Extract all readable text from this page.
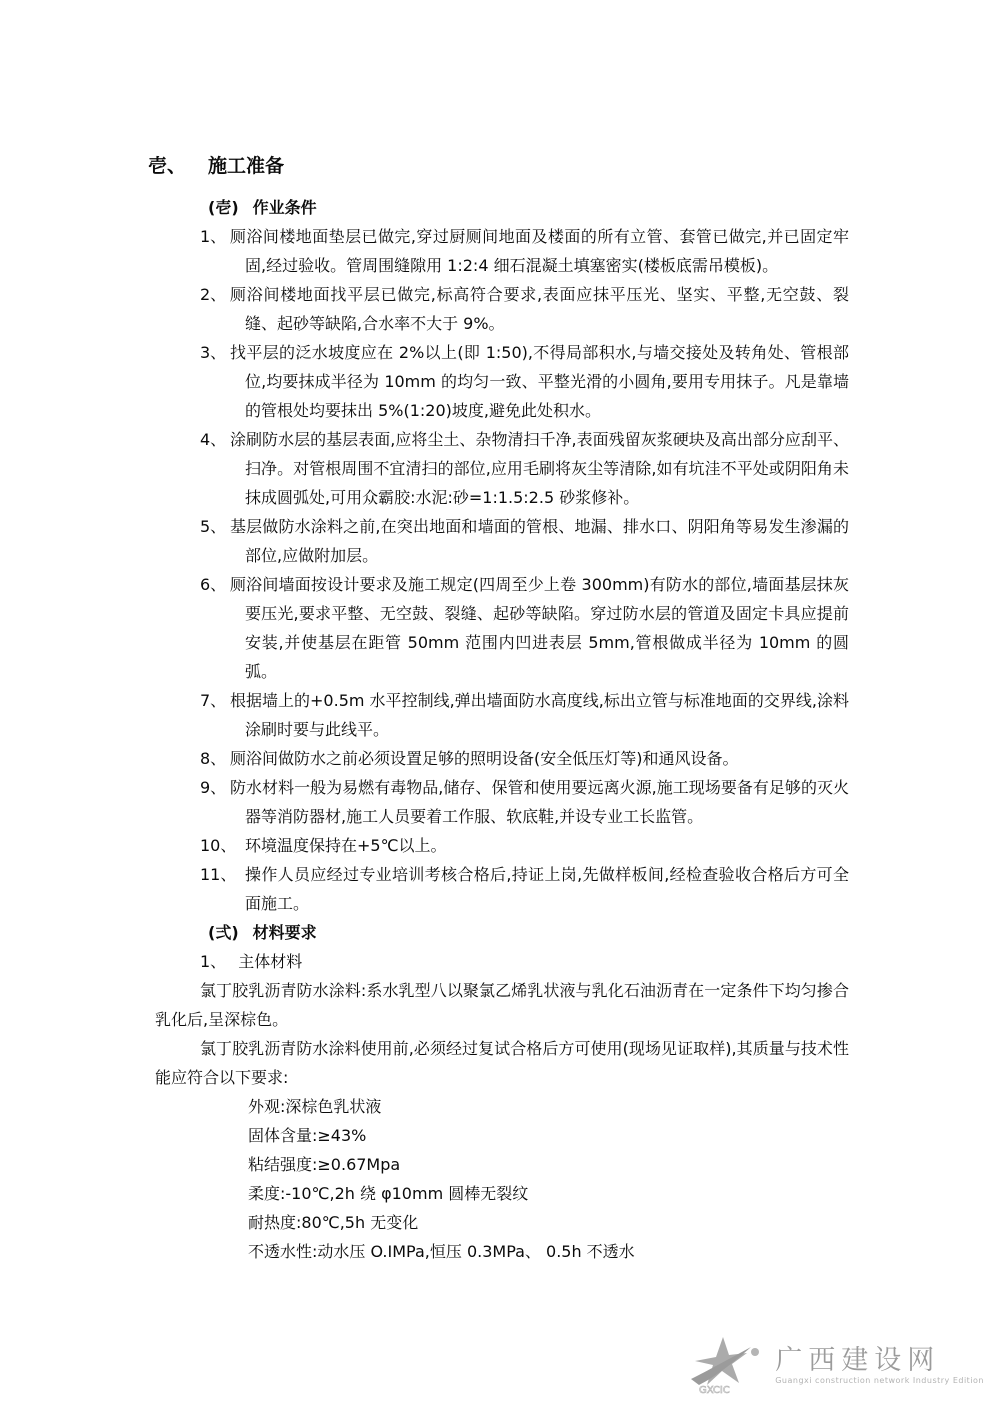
壱、 施工准备
(壱) 作业条件
1、 厕浴间楼地面垫层已做完,穿过厨厕间地面及楼面的所有立管、套管已做完,并已固定牢固,经过验收。管周围缝隙用 1:2:4 细石混凝土填塞密实(楼板底需吊模板)。
2、 厕浴间楼地面找平层已做完,标高符合要求,表面应抹平压光、坚实、平整,无空鼓、裂缝、起砂等缺陷,合水率不大于 9%。
3、 找平层的泛水坡度应在 2%以上(即 1:50),不得局部积水,与墙交接处及转角处、管根部位,均要抹成半径为 10mm 的均匀一致、平整光滑的小圆角,要用专用抹子。凡是靠墙的管根处均要抹出 5%(1:20)坡度,避免此处积水。
4、 涂刷防水层的基层表面,应将尘土、杂物清扫千净,表面残留灰浆硬块及高出部分应刮平、扫净。对管根周围不宜清扫的部位,应用毛刷将灰尘等清除,如有坑洼不平处或阴阳角未抹成圆弧处,可用众霸胶:水泥:砂=1:1.5:2.5 砂浆修补。
5、 基层做防水涂料之前,在突出地面和墙面的管根、地漏、排水口、阴阳角等易发生渗漏的部位,应做附加层。
6、 厕浴间墙面按设计要求及施工规定(四周至少上卷 300mm)有防水的部位,墙面基层抹灰要压光,要求平整、无空鼓、裂缝、起砂等缺陷。穿过防水层的管道及固定卡具应提前安装,并使基层在距管 50mm 范围内凹进表层 5mm,管根做成半径为 10mm 的圆弧。
7、 根据墙上的+0.5m 水平控制线,弹出墙面防水高度线,标出立管与标准地面的交界线,涂料涂刷时要与此线平。
8、 厕浴间做防水之前必须设置足够的照明设备(安全低压灯等)和通风设备。
9、 防水材料一般为易燃有毒物品,储存、保管和使用要远离火源,施工现场要备有足够的灭火器等消防器材,施工人员要着工作服、软底鞋,并设专业工长监管。
10、 环境温度保持在+5℃以上。
11、 操作人员应经过专业培训考核合格后,持证上岗,先做样板间,经检查验收合格后方可全面施工。
(弍) 材料要求
1、 主体材料

氯丁胶乳沥青防水涂料:系水乳型八以聚氯乙烯乳状液与乳化石油沥青在一定条件下均匀掺合乳化后,呈深棕色。

氯丁胶乳沥青防水涂料使用前,必须经过复试合格后方可使用(现场见证取样),其质量与技术性能应符合以下要求:

外观:深棕色乳状液
固体含量:≥43%
粘结强度:≥0.67Mpa
柔度:-10℃,2h 绕 φ10mm 圆棒无裂纹
耐热度:80℃,5h 无变化
不透水性:动水压 O.IMPa,恒压 0.3MPa、 0.5h 不透水
GXCIC
广西建设网
Guangxi construction network Industry Edition
